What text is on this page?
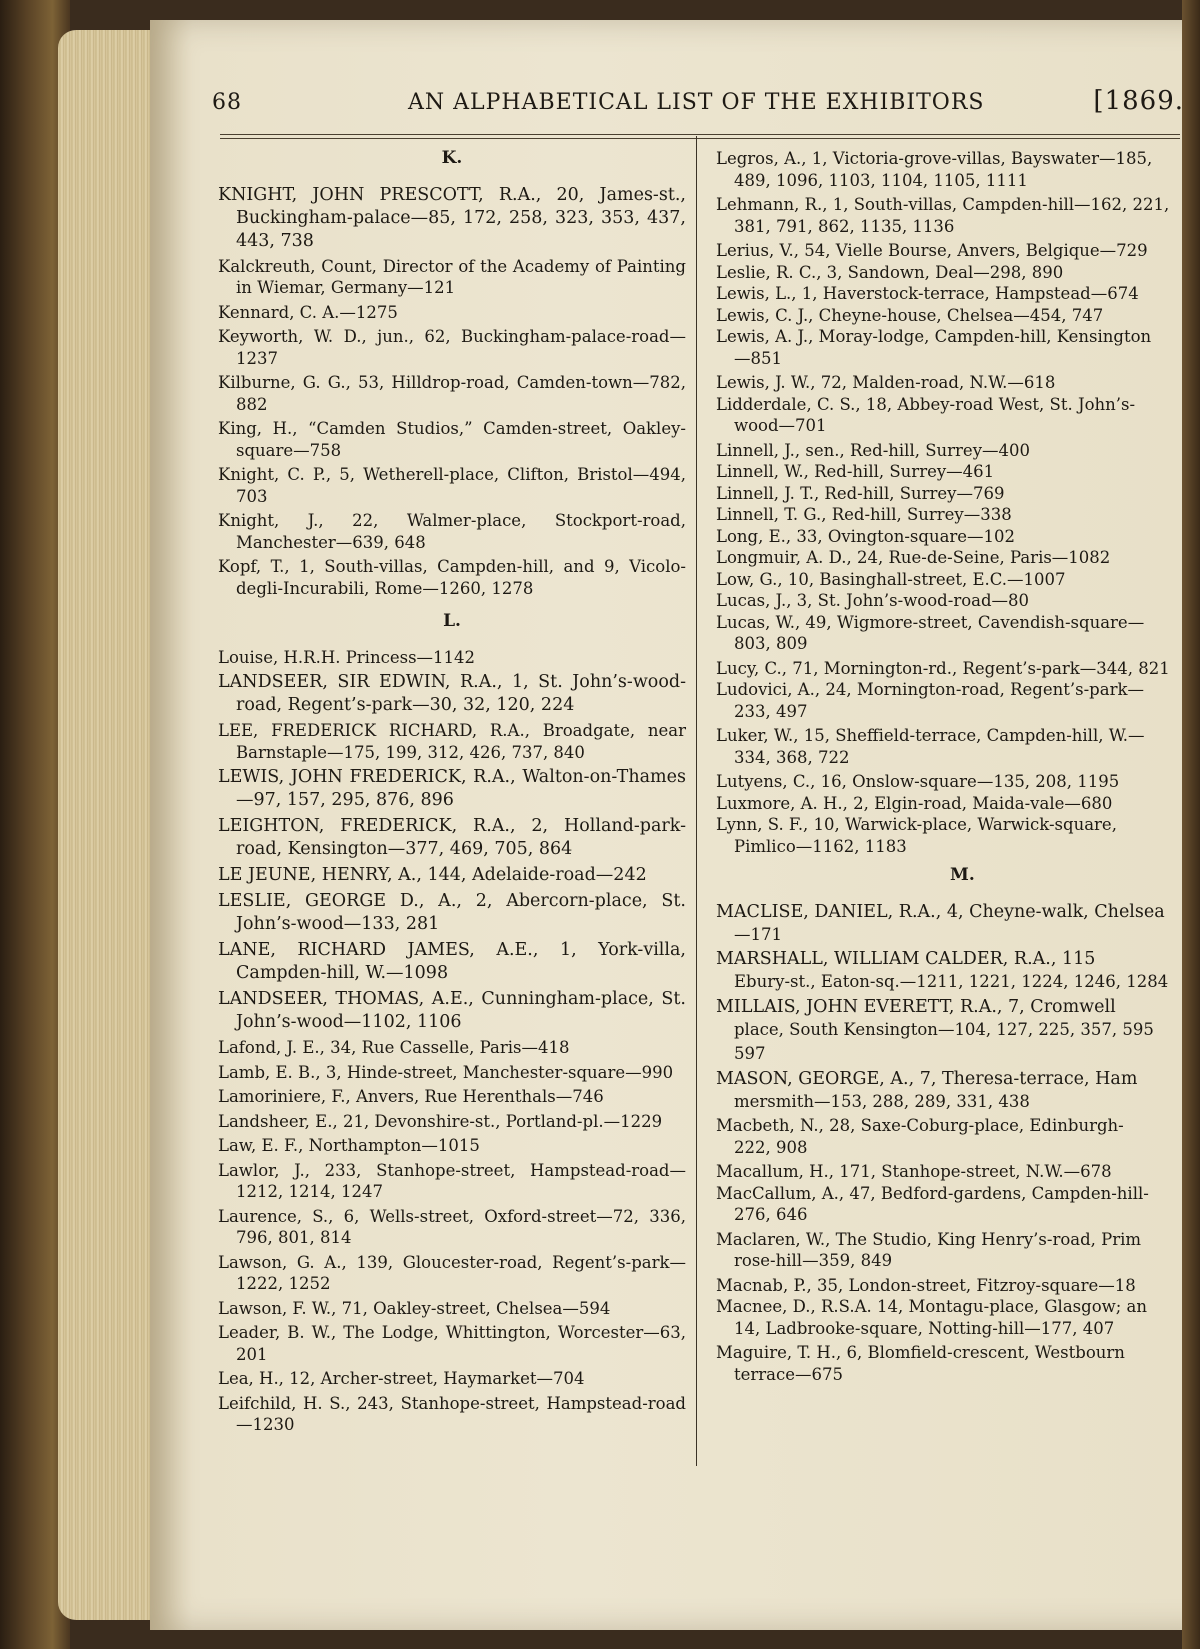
68	AN ALPHABETICAL LIST OF THE EXHIBITORS	[1869.
K.
KNIGHT, JOHN PRESCOTT, R.A., 20, James-st., Buckingham-palace—85, 172, 258, 323, 353, 437, 443, 738
Kalckreuth, Count, Director of the Academy of Painting in Wiemar, Germany—121
Kennard, C. A.—1275
Keyworth, W. D., jun., 62, Buckingham-palace-road—1237
Kilburne, G. G., 53, Hilldrop-road, Camden-town—782, 882
King, H., “Camden Studios,” Camden-street, Oakley-square—758
Knight, C. P., 5, Wetherell-place, Clifton, Bristol—494, 703
Knight, J., 22, Walmer-place, Stockport-road, Manchester—639, 648
Kopf, T., 1, South-villas, Campden-hill, and 9, Vicolo-degli-Incurabili, Rome—1260, 1278
L.
Louise, H.R.H. Princess—1142
LANDSEER, SIR EDWIN, R.A., 1, St. John’s-wood-road, Regent’s-park—30, 32, 120, 224
LEE, FREDERICK RICHARD, R.A., Broadgate, near Barnstaple—175, 199, 312, 426, 737, 840
LEWIS, JOHN FREDERICK, R.A., Walton-on-Thames—97, 157, 295, 876, 896
LEIGHTON, FREDERICK, R.A., 2, Holland-park-road, Kensington—377, 469, 705, 864
LE JEUNE, HENRY, A., 144, Adelaide-road—242
LESLIE, GEORGE D., A., 2, Abercorn-place, St. John’s-wood—133, 281
LANE, RICHARD JAMES, A.E., 1, York-villa, Campden-hill, W.—1098
LANDSEER, THOMAS, A.E., Cunningham-place, St. John’s-wood—1102, 1106
Lafond, J. E., 34, Rue Casselle, Paris—418
Lamb, E. B., 3, Hinde-street, Manchester-square—990
Lamoriniere, F., Anvers, Rue Herenthals—746
Landsheer, E., 21, Devonshire-st., Portland-pl.—1229
Law, E. F., Northampton—1015
Lawlor, J., 233, Stanhope-street, Hampstead-road—1212, 1214, 1247
Laurence, S., 6, Wells-street, Oxford-street—72, 336, 796, 801, 814
Lawson, G. A., 139, Gloucester-road, Regent’s-park—1222, 1252
Lawson, F. W., 71, Oakley-street, Chelsea—594
Leader, B. W., The Lodge, Whittington, Worcester—63, 201
Lea, H., 12, Archer-street, Haymarket—704
Leifchild, H. S., 243, Stanhope-street, Hampstead-road—1230
Legros, A., 1, Victoria-grove-villas, Bayswater—185,
489, 1096, 1103, 1104, 1105, 1111
Lehmann, R., 1, South-villas, Campden-hill—162, 221,
381, 791, 862, 1135, 1136
Lerius, V., 54, Vielle Bourse, Anvers, Belgique—729
Leslie, R. C., 3, Sandown, Deal—298, 890
Lewis, L., 1, Haverstock-terrace, Hampstead—674
Lewis, C. J., Cheyne-house, Chelsea—454, 747
Lewis, A. J., Moray-lodge, Campden-hill, Kensington
—851
Lewis, J. W., 72, Malden-road, N.W.—618
Lidderdale, C. S., 18, Abbey-road West, St. John’s-
wood—701
Linnell, J., sen., Red-hill, Surrey—400
Linnell, W., Red-hill, Surrey—461
Linnell, J. T., Red-hill, Surrey—769
Linnell, T. G., Red-hill, Surrey—338
Long, E., 33, Ovington-square—102
Longmuir, A. D., 24, Rue-de-Seine, Paris—1082
Low, G., 10, Basinghall-street, E.C.—1007
Lucas, J., 3, St. John’s-wood-road—80
Lucas, W., 49, Wigmore-street, Cavendish-square—
803, 809
Lucy, C., 71, Mornington-rd., Regent’s-park—344, 821
Ludovici, A., 24, Mornington-road, Regent’s-park—
233, 497
Luker, W., 15, Sheffield-terrace, Campden-hill, W.—
334, 368, 722
Lutyens, C., 16, Onslow-square—135, 208, 1195
Luxmore, A. H., 2, Elgin-road, Maida-vale—680
Lynn, S. F., 10, Warwick-place, Warwick-square,
Pimlico—1162, 1183
M.
MACLISE, DANIEL, R.A., 4, Cheyne-walk, Chelsea
—171
MARSHALL, WILLIAM CALDER, R.A., 115
Ebury-st., Eaton-sq.—1211, 1221, 1224, 1246, 1284
MILLAIS, JOHN EVERETT, R.A., 7, Cromwell
place, South Kensington—104, 127, 225, 357, 595
597
MASON, GEORGE, A., 7, Theresa-terrace, Ham
mersmith—153, 288, 289, 331, 438
Macbeth, N., 28, Saxe-Coburg-place, Edinburgh-
222, 908
Macallum, H., 171, Stanhope-street, N.W.—678
MacCallum, A., 47, Bedford-gardens, Campden-hill-
276, 646
Maclaren, W., The Studio, King Henry’s-road, Prim
rose-hill—359, 849
Macnab, P., 35, London-street, Fitzroy-square—18
Macnee, D., R.S.A. 14, Montagu-place, Glasgow; an
14, Ladbrooke-square, Notting-hill—177, 407
Maguire, T. H., 6, Blomfield-crescent, Westbourn
terrace—675
